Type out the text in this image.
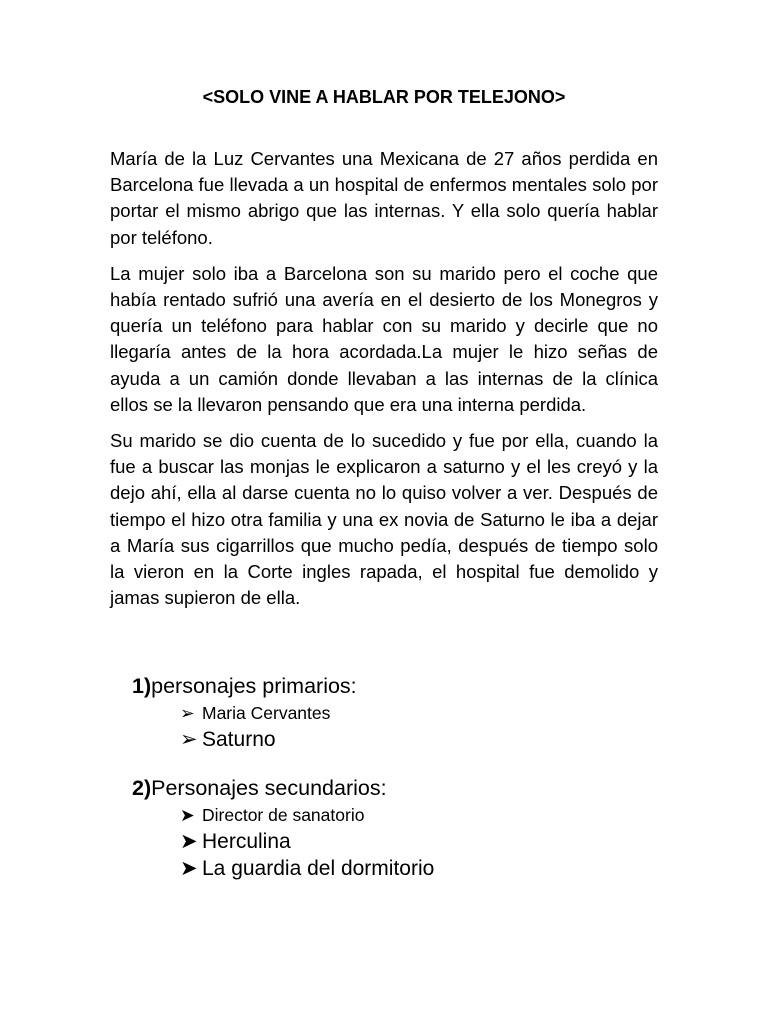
<SOLO VINE A HABLAR POR TELEJONO>

María de la Luz Cervantes una Mexicana de 27 años perdida en Barcelona fue llevada a un hospital de enfermos mentales solo por portar el mismo abrigo que las internas. Y ella solo quería hablar por teléfono.

La mujer solo iba a Barcelona son su marido pero el coche que había rentado sufrió una avería en el desierto de los Monegros y quería un teléfono para hablar con su marido y decirle que no llegaría antes de la hora acordada.La mujer le hizo señas de ayuda a un camión donde llevaban a las internas de la clínica ellos se la llevaron pensando que era una interna perdida.

Su marido se dio cuenta de lo sucedido y fue por ella, cuando la fue a buscar las monjas le explicaron a saturno y el les creyó y la dejo ahí, ella al darse cuenta no lo quiso volver a ver. Después de tiempo el hizo otra familia y una ex novia de Saturno le iba a dejar a María sus cigarrillos que mucho pedía, después de tiempo solo la vieron en la Corte ingles rapada, el hospital fue demolido y jamas supieron de ella.

1)personajes primarios:
➢ Maria Cervantes
➢ Saturno
2)Personajes secundarios:
➤ Director de sanatorio
➤ Herculina
➤ La guardia del dormitorio
